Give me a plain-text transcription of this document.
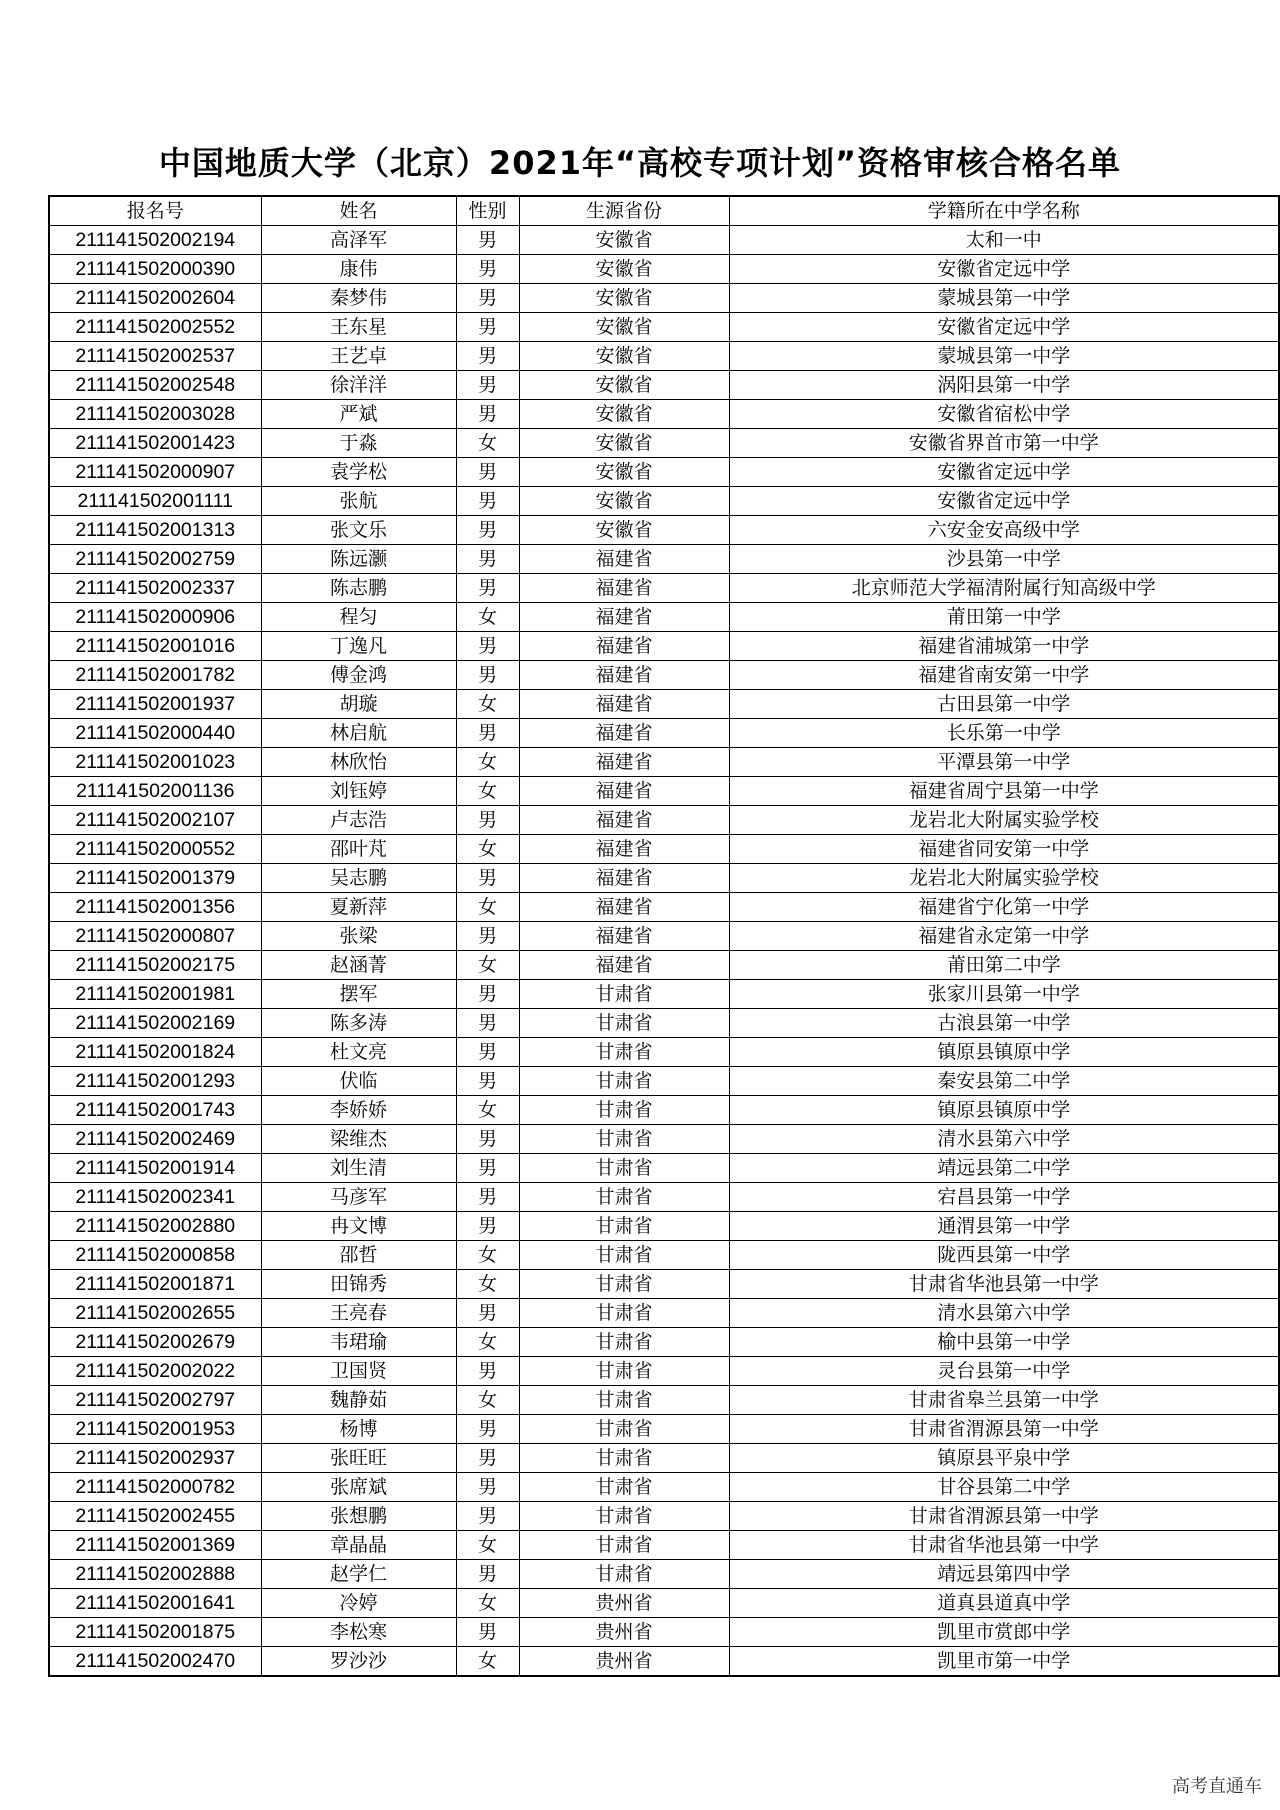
中国地质大学（北京）2021年“高校专项计划”资格审核合格名单
报名号	姓名	性别	生源省份	学籍所在中学名称
211141502002194	高泽军	男	安徽省	太和一中
211141502000390	康伟	男	安徽省	安徽省定远中学
211141502002604	秦梦伟	男	安徽省	蒙城县第一中学
211141502002552	王东星	男	安徽省	安徽省定远中学
211141502002537	王艺卓	男	安徽省	蒙城县第一中学
211141502002548	徐洋洋	男	安徽省	涡阳县第一中学
211141502003028	严斌	男	安徽省	安徽省宿松中学
211141502001423	于淼	女	安徽省	安徽省界首市第一中学
211141502000907	袁学松	男	安徽省	安徽省定远中学
211141502001111	张航	男	安徽省	安徽省定远中学
211141502001313	张文乐	男	安徽省	六安金安高级中学
211141502002759	陈远灏	男	福建省	沙县第一中学
211141502002337	陈志鹏	男	福建省	北京师范大学福清附属行知高级中学
211141502000906	程匀	女	福建省	莆田第一中学
211141502001016	丁逸凡	男	福建省	福建省浦城第一中学
211141502001782	傅金鸿	男	福建省	福建省南安第一中学
211141502001937	胡璇	女	福建省	古田县第一中学
211141502000440	林启航	男	福建省	长乐第一中学
211141502001023	林欣怡	女	福建省	平潭县第一中学
211141502001136	刘钰婷	女	福建省	福建省周宁县第一中学
211141502002107	卢志浩	男	福建省	龙岩北大附属实验学校
211141502000552	邵叶芃	女	福建省	福建省同安第一中学
211141502001379	吴志鹏	男	福建省	龙岩北大附属实验学校
211141502001356	夏新萍	女	福建省	福建省宁化第一中学
211141502000807	张梁	男	福建省	福建省永定第一中学
211141502002175	赵涵菁	女	福建省	莆田第二中学
211141502001981	摆军	男	甘肃省	张家川县第一中学
211141502002169	陈多涛	男	甘肃省	古浪县第一中学
211141502001824	杜文亮	男	甘肃省	镇原县镇原中学
211141502001293	伏临	男	甘肃省	秦安县第二中学
211141502001743	李娇娇	女	甘肃省	镇原县镇原中学
211141502002469	梁维杰	男	甘肃省	清水县第六中学
211141502001914	刘生清	男	甘肃省	靖远县第二中学
211141502002341	马彦军	男	甘肃省	宕昌县第一中学
211141502002880	冉文博	男	甘肃省	通渭县第一中学
211141502000858	邵哲	女	甘肃省	陇西县第一中学
211141502001871	田锦秀	女	甘肃省	甘肃省华池县第一中学
211141502002655	王亮春	男	甘肃省	清水县第六中学
211141502002679	韦珺瑜	女	甘肃省	榆中县第一中学
211141502002022	卫国贤	男	甘肃省	灵台县第一中学
211141502002797	魏静茹	女	甘肃省	甘肃省皋兰县第一中学
211141502001953	杨博	男	甘肃省	甘肃省渭源县第一中学
211141502002937	张旺旺	男	甘肃省	镇原县平泉中学
211141502000782	张席斌	男	甘肃省	甘谷县第二中学
211141502002455	张想鹏	男	甘肃省	甘肃省渭源县第一中学
211141502001369	章晶晶	女	甘肃省	甘肃省华池县第一中学
211141502002888	赵学仁	男	甘肃省	靖远县第四中学
211141502001641	冷婷	女	贵州省	道真县道真中学
211141502001875	李松寒	男	贵州省	凯里市赏郎中学
211141502002470	罗沙沙	女	贵州省	凯里市第一中学
高考直通车
